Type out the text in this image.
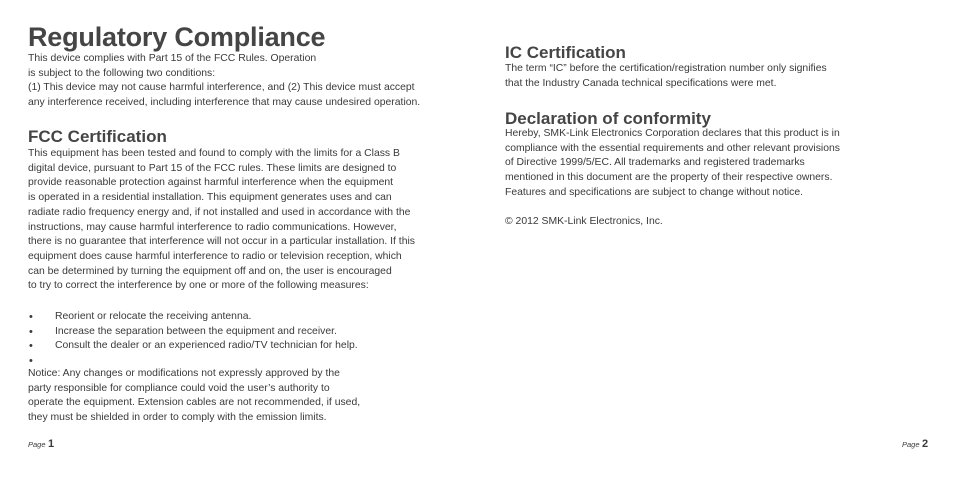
Regulatory Compliance

This device complies with Part 15 of the FCC Rules. Operation
is subject to the following two conditions:
(1) This device may not cause harmful interference, and (2) This device must accept
any interference received, including interference that may cause undesired operation.

FCC Certification

This equipment has been tested and found to comply with the limits for a Class B
digital device, pursuant to Part 15 of the FCC rules. These limits are designed to
provide reasonable protection against harmful interference when the equipment
is operated in a residential installation. This equipment generates uses and can
radiate radio frequency energy and, if not installed and used in accordance with the
instructions, may cause harmful interference to radio communications. However,
there is no guarantee that interference will not occur in a particular installation. If this
equipment does cause harmful interference to radio or television reception, which
can be determined by turning the equipment off and on, the user is encouraged
to try to correct the interference by one or more of the following measures:

• Reorient or relocate the receiving antenna.
• Increase the separation between the equipment and receiver.
• Consult the dealer or an experienced radio/TV technician for help.
•

Notice: Any changes or modifications not expressly approved by the
party responsible for compliance could void the user’s authority to
operate the equipment. Extension cables are not recommended, if used,
they must be shielded in order to comply with the emission limits.

Page 1
IC Certification

The term “IC” before the certification/registration number only signifies
that the Industry Canada technical specifications were met.

Declaration of conformity

Hereby, SMK-Link Electronics Corporation declares that this product is in
compliance with the essential requirements and other relevant provisions
of Directive 1999/5/EC. All trademarks and registered trademarks
mentioned in this document are the property of their respective owners.
Features and specifications are subject to change without notice.

© 2012 SMK-Link Electronics, Inc.

Page 2
